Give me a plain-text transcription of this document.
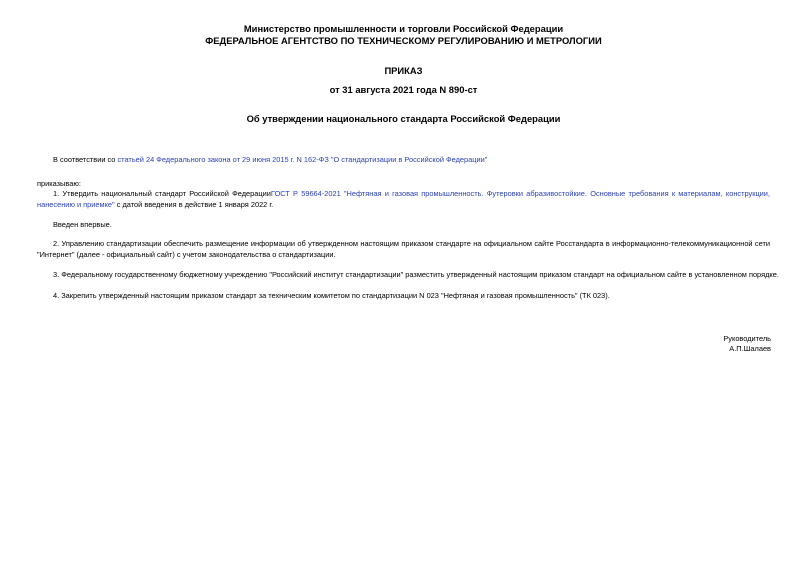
Министерство промышленности и торговли Российской Федерации
ФЕДЕРАЛЬНОЕ АГЕНТСТВО ПО ТЕХНИЧЕСКОМУ РЕГУЛИРОВАНИЮ И МЕТРОЛОГИИ
ПРИКАЗ
от 31 августа 2021 года N 890-ст
Об утверждении национального стандарта Российской Федерации
В соответствии со статьей 24 Федерального закона от 29 июня 2015 г. N 162-ФЗ "О стандартизации в Российской Федерации"
приказываю:
1. Утвердить национальный стандарт Российской ФедерацииГОСТ Р 59664-2021 "Нефтяная и газовая промышленность. Футеровки абразивостойкие. Основные требования к материалам, конструкции, нанесению и приемке" с датой введения в действие 1 января 2022 г.
Введен впервые.
2. Управлению стандартизации обеспечить размещение информации об утвержденном настоящим приказом стандарте на официальном сайте Росстандарта в информационно-телекоммуникационной сети "Интернет" (далее - официальный сайт) с учетом законодательства о стандартизации.
3. Федеральному государственному бюджетному учреждению "Российский институт стандартизации" разместить утвержденный настоящим приказом стандарт на официальном сайте в установленном порядке.
4. Закрепить утвержденный настоящим приказом стандарт за техническим комитетом по стандартизации N 023 "Нефтяная и газовая промышленность" (ТК 023).
Руководитель
А.П.Шалаев
